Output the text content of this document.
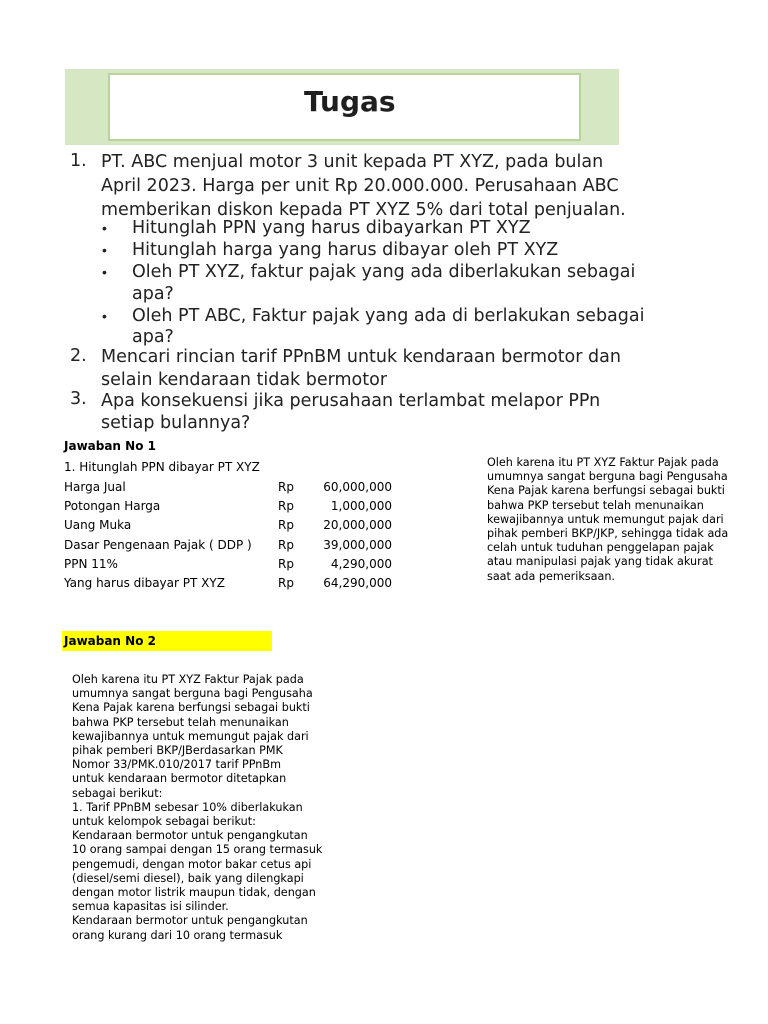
Tugas
1. PT. ABC menjual motor 3 unit kepada PT XYZ, pada bulan
April 2023. Harga per unit Rp 20.000.000. Perusahaan ABC
memberikan diskon kepada PT XYZ 5% dari total penjualan.
• Hitunglah PPN yang harus dibayarkan PT XYZ
• Hitunglah harga yang harus dibayar oleh PT XYZ
• Oleh PT XYZ, faktur pajak yang ada diberlakukan sebagai
apa?
• Oleh PT ABC, Faktur pajak yang ada di berlakukan sebagai
apa?
2. Mencari rincian tarif PPnBM untuk kendaraan bermotor dan
selain kendaraan tidak bermotor
3. Apa konsekuensi jika perusahaan terlambat melapor PPn
setiap bulannya?
Jawaban No 1
1. Hitunglah PPN dibayar PT XYZ
Harga Jual	Rp	60,000,000
Potongan Harga	Rp	1,000,000
Uang Muka	Rp	20,000,000
Dasar Pengenaan Pajak ( DDP ) Rp	39,000,000
PPN 11%	Rp	4,290,000
Yang harus dibayar PT XYZ	Rp	64,290,000
Oleh karena itu PT XYZ Faktur Pajak pada
umumnya sangat berguna bagi Pengusaha
Kena Pajak karena berfungsi sebagai bukti
bahwa PKP tersebut telah menunaikan
kewajibannya untuk memungut pajak dari
pihak pemberi BKP/JKP, sehingga tidak ada
celah untuk tuduhan penggelapan pajak
atau manipulasi pajak yang tidak akurat
saat ada pemeriksaan.
Jawaban No 2
Oleh karena itu PT XYZ Faktur Pajak pada
umumnya sangat berguna bagi Pengusaha
Kena Pajak karena berfungsi sebagai bukti
bahwa PKP tersebut telah menunaikan
kewajibannya untuk memungut pajak dari
pihak pemberi BKP/JBerdasarkan PMK
Nomor 33/PMK.010/2017 tarif PPnBm
untuk kendaraan bermotor ditetapkan
sebagai berikut:
1. Tarif PPnBM sebesar 10% diberlakukan
untuk kelompok sebagai berikut:
Kendaraan bermotor untuk pengangkutan
10 orang sampai dengan 15 orang termasuk
pengemudi, dengan motor bakar cetus api
(diesel/semi diesel), baik yang dilengkapi
dengan motor listrik maupun tidak, dengan
semua kapasitas isi silinder.
Kendaraan bermotor untuk pengangkutan
orang kurang dari 10 orang termasuk
